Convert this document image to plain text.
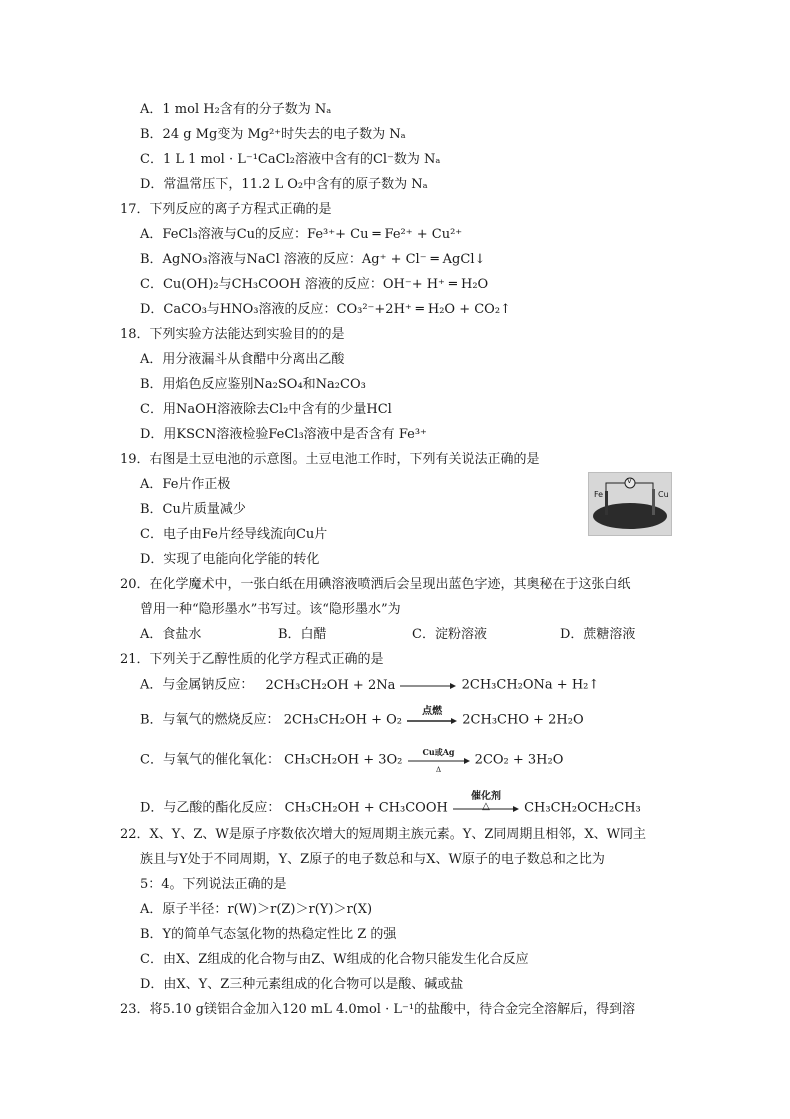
A．1 mol H₂含有的分子数为 Nₐ
B．24 g Mg变为 Mg²⁺时失去的电子数为 Nₐ
C．1 L 1 mol · L⁻¹CaCl₂溶液中含有的Cl⁻数为 Nₐ
D．常温常压下，11.2 L O₂中含有的原子数为 Nₐ
17．下列反应的离子方程式正确的是
A．FeCl₃溶液与Cu的反应：Fe³⁺+ Cu ═ Fe²⁺ + Cu²⁺
B．AgNO₃溶液与NaCl 溶液的反应：Ag⁺ + Cl⁻ ═ AgCl↓
C．Cu(OH)₂与CH₃COOH 溶液的反应：OH⁻+ H⁺ ═ H₂O
D．CaCO₃与HNO₃溶液的反应：CO₃²⁻+2H⁺ ═ H₂O + CO₂↑
18．下列实验方法能达到实验目的的是
A．用分液漏斗从食醋中分离出乙酸
B．用焰色反应鉴别Na₂SO₄和Na₂CO₃
C．用NaOH溶液除去Cl₂中含有的少量HCl
D．用KSCN溶液检验FeCl₃溶液中是否含有 Fe³⁺
19．右图是土豆电池的示意图。土豆电池工作时，下列有关说法正确的是
A．Fe片作正极
B．Cu片质量减少
C．电子由Fe片经导线流向Cu片
D．实现了电能向化学能的转化
Fe
V
Cu
20．在化学魔术中，一张白纸在用碘溶液喷洒后会呈现出蓝色字迹，其奥秘在于这张白纸
曾用一种“隐形墨水”书写过。该“隐形墨水”为
A．食盐水	B．白醋	C．淀粉溶液	D．蔗糖溶液
21．下列关于乙醇性质的化学方程式正确的是
A．与金属钠反应： 2CH₃CH₂OH + 2Na	2CH₃CH₂ONa + H₂↑
B．与氧气的燃烧反应： 2CH₃CH₂OH + O₂
点燃
2CH₃CHO + 2H₂O
C．与氧气的催化氧化： CH₃CH₂OH + 3O₂
Cu或Ag
Δ
2CO₂ + 3H₂O
D．与乙酸的酯化反应： CH₃CH₂OH + CH₃COOH
催化剂
△	CH₃CH₂OCH₂CH₃
22．X、Y、Z、W是原子序数依次增大的短周期主族元素。Y、Z同周期且相邻，X、W同主
族且与Y处于不同周期，Y、Z原子的电子数总和与X、W原子的电子数总和之比为
5：4。下列说法正确的是
A．原子半径：r(W)＞r(Z)＞r(Y)＞r(X)
B．Y的简单气态氢化物的热稳定性比 Z 的强
C．由X、Z组成的化合物与由Z、W组成的化合物只能发生化合反应
D．由X、Y、Z三种元素组成的化合物可以是酸、碱或盐
23．将5.10 g镁铝合金加入120 mL 4.0mol · L⁻¹的盐酸中，待合金完全溶解后，得到溶
